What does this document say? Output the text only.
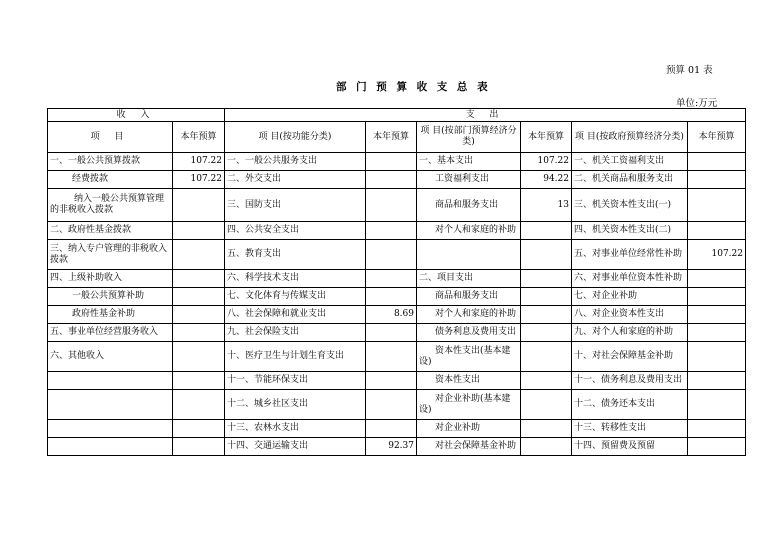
预算 01 表
部 门 预 算 收 支 总 表
单位:万元
收 入		支 出					
项 目	本年预算	项 目(按功能分类)	本年预算	项 目(按部门预算经济分类)	本年预算	项 目(按政府预算经济分类)	本年预算
一、一般公共预算拨款	107.22	一、一般公共服务支出		一、基本支出	107.22	一、机关工资福利支出	
经费拨款	107.22	二、外交支出		工资福利支出	94.22	二、机关商品和服务支出	
纳入一般公共预算管理的非税收入拨款		三、国防支出		商品和服务支出	13	三、机关资本性支出(一)	
二、政府性基金拨款		四、公共安全支出		对个人和家庭的补助		四、机关资本性支出(二)	
三、纳入专户管理的非税收入拨款		五、教育支出				五、对事业单位经常性补助	107.22
四、上级补助收入		六、科学技术支出		二、项目支出		六、对事业单位资本性补助	
一般公共预算补助		七、文化体育与传媒支出		商品和服务支出		七、对企业补助	
政府性基金补助		八、社会保障和就业支出	8.69	对个人和家庭的补助		八、对企业资本性支出	
五、事业单位经营服务收入		九、社会保险支出		债务利息及费用支出		九、对个人和家庭的补助	
六、其他收入		十、医疗卫生与计划生育支出		资本性支出(基本建设)		十、对社会保障基金补助	
		十一、节能环保支出		资本性支出		十一、债务利息及费用支出	
		十二、城乡社区支出		对企业补助(基本建设)		十二、债务还本支出	
		十三、农林水支出		对企业补助		十三、转移性支出	
		十四、交通运输支出	92.37	对社会保障基金补助		十四、预留费及预留	
